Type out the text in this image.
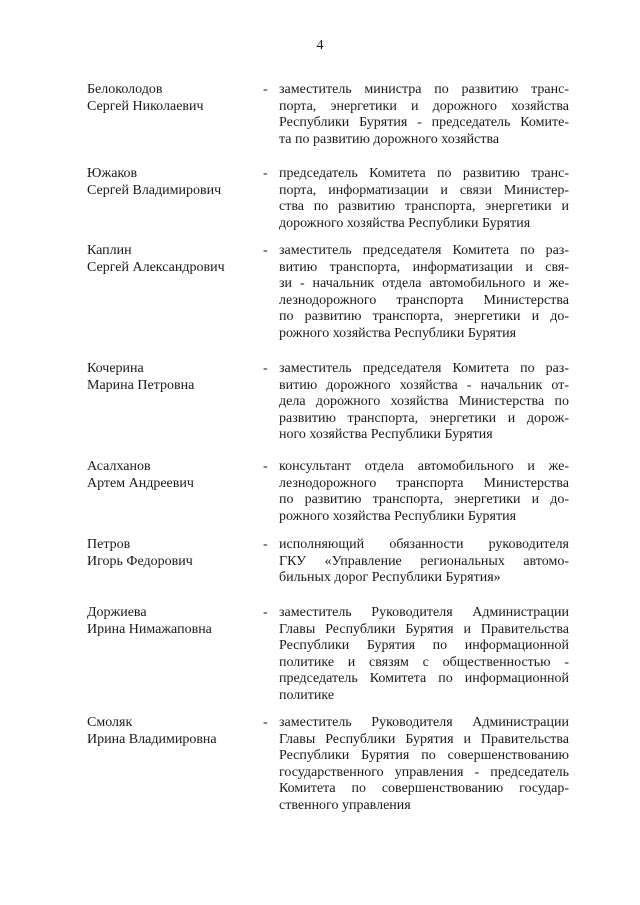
4
Белоколодов
Сергей Николаевич
- заместитель министра по развитию транс-
порта, энергетики и дорожного хозяйства
Республики Бурятия - председатель Комите-
та по развитию дорожного хозяйства
Южаков
Сергей Владимирович
- председатель Комитета по развитию транс-
порта, информатизации и связи Министер-
ства по развитию транспорта, энергетики и
дорожного хозяйства Республики Бурятия
Каплин
Сергей Александрович
- заместитель председателя Комитета по раз-
витию транспорта, информатизации и свя-
зи - начальник отдела автомобильного и же-
лезнодорожного транспорта Министерства
по развитию транспорта, энергетики и до-
рожного хозяйства Республики Бурятия
Кочерина
Марина Петровна
- заместитель председателя Комитета по раз-
витию дорожного хозяйства - начальник от-
дела дорожного хозяйства Министерства по
развитию транспорта, энергетики и дорож-
ного хозяйства Республики Бурятия
Асалханов
Артем Андреевич
- консультант отдела автомобильного и же-
лезнодорожного транспорта Министерства
по развитию транспорта, энергетики и до-
рожного хозяйства Республики Бурятия
Петров
Игорь Федорович
- исполняющий обязанности руководителя
ГКУ «Управление региональных автомо-
бильных дорог Республики Бурятия»
Доржиева
Ирина Нимажаповна
- заместитель Руководителя Администрации
Главы Республики Бурятия и Правительства
Республики Бурятия по информационной
политике и связям с общественностью -
председатель Комитета по информационной
политике
Смоляк
Ирина Владимировна
- заместитель Руководителя Администрации
Главы Республики Бурятия и Правительства
Республики Бурятия по совершенствованию
государственного управления - председатель
Комитета по совершенствованию государ-
ственного управления
